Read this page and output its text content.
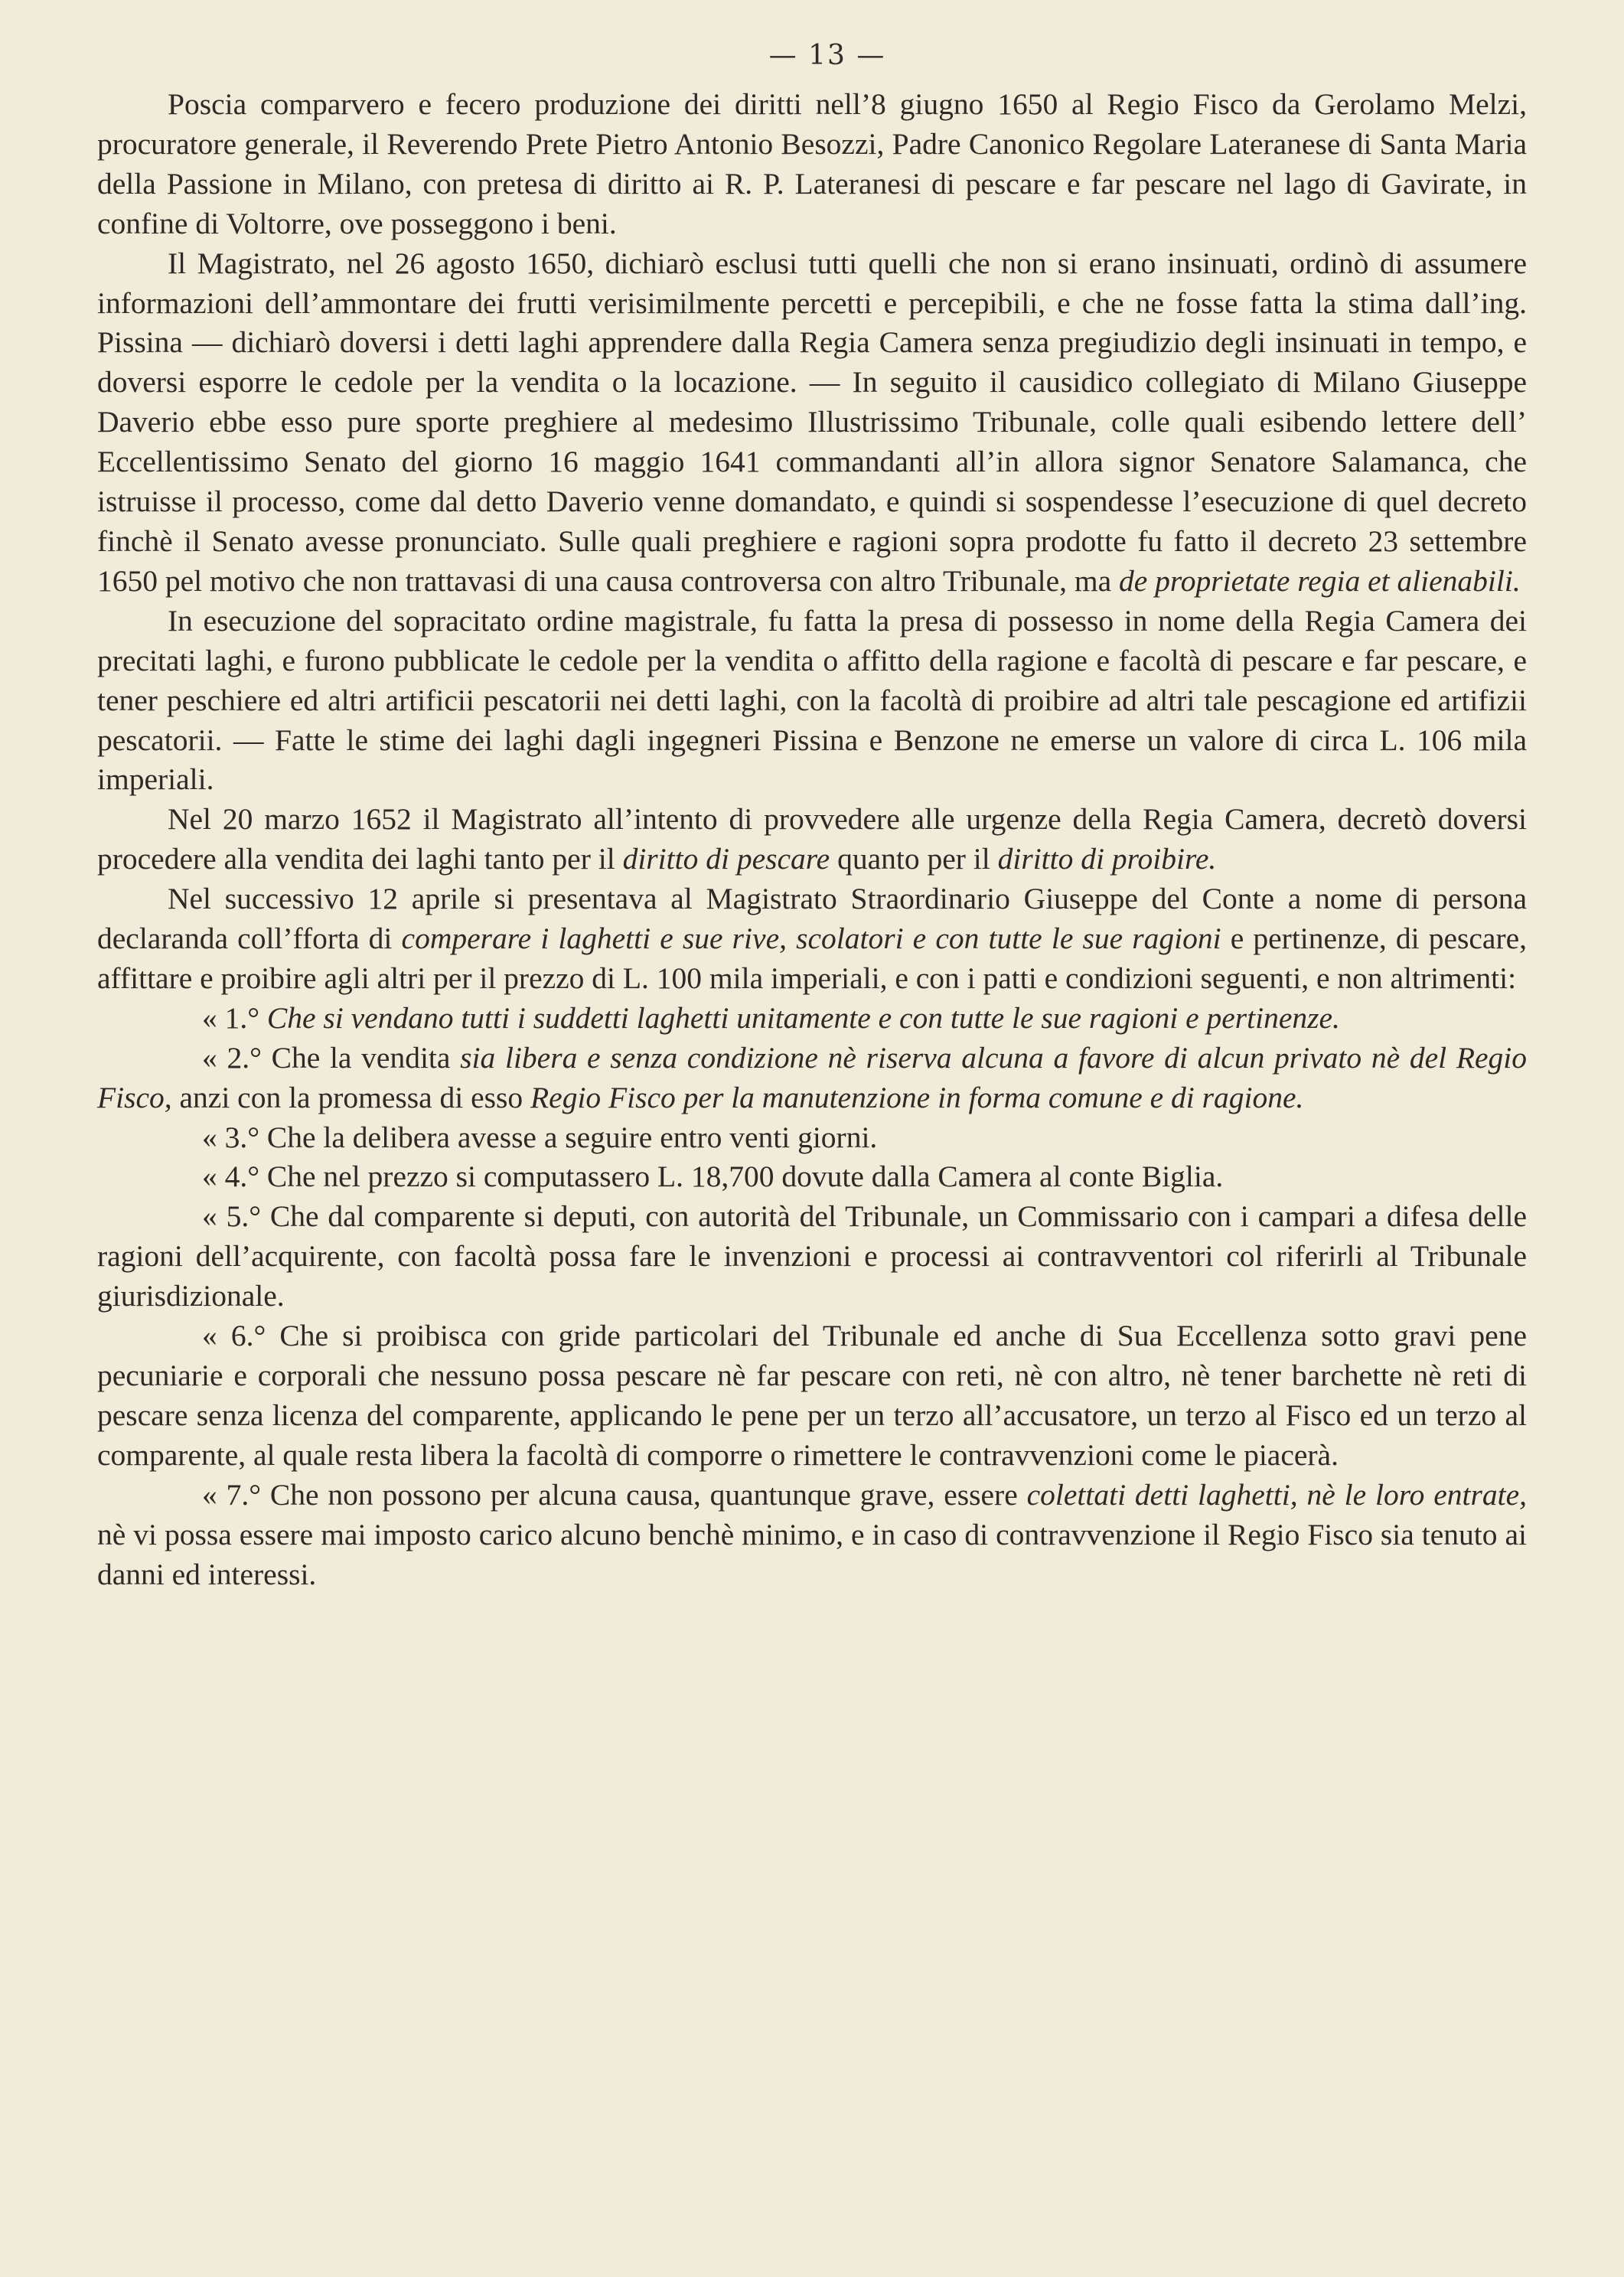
— 13 —

Poscia comparvero e fecero produzione dei diritti nell’8 giugno 1650 al Regio Fisco da Gerolamo Melzi, procuratore generale, il Reverendo Prete Pietro Antonio Besozzi, Padre Canonico Regolare Lateranese di Santa Maria della Passione in Milano, con pretesa di diritto ai R. P. Lateranesi di pescare e far pescare nel lago di Gavirate, in confine di Voltorre, ove posseggono i beni.

Il Magistrato, nel 26 agosto 1650, dichiarò esclusi tutti quelli che non si erano insinuati, ordinò di assumere informazioni dell’ammontare dei frutti verisimilmente percetti e percepibili, e che ne fosse fatta la stima dall’ing. Pissina — dichiarò doversi i detti laghi apprendere dalla Regia Camera senza pregiudizio degli insinuati in tempo, e doversi esporre le cedole per la vendita o la locazione. — In seguito il causidico collegiato di Milano Giuseppe Daverio ebbe esso pure sporte preghiere al medesimo Illustrissimo Tribunale, colle quali esibendo lettere dell’ Eccellentissimo Senato del giorno 16 maggio 1641 commandanti all’in allora signor Senatore Salamanca, che istruisse il processo, come dal detto Daverio venne domandato, e quindi si sospendesse l’esecuzione di quel decreto finchè il Senato avesse pronunciato. Sulle quali preghiere e ragioni sopra prodotte fu fatto il decreto 23 settembre 1650 pel motivo che non trattavasi di una causa controversa con altro Tribunale, ma de proprietate regia et alienabili.

In esecuzione del sopracitato ordine magistrale, fu fatta la presa di possesso in nome della Regia Camera dei precitati laghi, e furono pubblicate le cedole per la vendita o affitto della ragione e facoltà di pescare e far pescare, e tener peschiere ed altri artificii pescatorii nei detti laghi, con la facoltà di proibire ad altri tale pescagione ed artifizii pescatorii. — Fatte le stime dei laghi dagli ingegneri Pissina e Benzone ne emerse un valore di circa L. 106 mila imperiali.

Nel 20 marzo 1652 il Magistrato all’intento di provvedere alle urgenze della Regia Camera, decretò doversi procedere alla vendita dei laghi tanto per il diritto di pescare quanto per il diritto di proibire.

Nel successivo 12 aprile si presentava al Magistrato Straordinario Giuseppe del Conte a nome di persona declaranda coll’fforta di comperare i laghetti e sue rive, scolatori e con tutte le sue ragioni e pertinenze, di pescare, affittare e proibire agli altri per il prezzo di L. 100 mila imperiali, e con i patti e condizioni seguenti, e non altrimenti:

« 1.° Che si vendano tutti i suddetti laghetti unitamente e con tutte le sue ragioni e pertinenze.

« 2.° Che la vendita sia libera e senza condizione nè riserva alcuna a favore di alcun privato nè del Regio Fisco, anzi con la promessa di esso Regio Fisco per la manutenzione in forma comune e di ragione.

« 3.° Che la delibera avesse a seguire entro venti giorni.

« 4.° Che nel prezzo si computassero L. 18,700 dovute dalla Camera al conte Biglia.

« 5.° Che dal comparente si deputi, con autorità del Tribunale, un Commissario con i campari a difesa delle ragioni dell’acquirente, con facoltà possa fare le invenzioni e processi ai contravventori col riferirli al Tribunale giurisdizionale.

« 6.° Che si proibisca con gride particolari del Tribunale ed anche di Sua Eccellenza sotto gravi pene pecuniarie e corporali che nessuno possa pescare nè far pescare con reti, nè con altro, nè tener barchette nè reti di pescare senza licenza del comparente, applicando le pene per un terzo all’accusatore, un terzo al Fisco ed un terzo al comparente, al quale resta libera la facoltà di comporre o rimettere le contravvenzioni come le piacerà.

« 7.° Che non possono per alcuna causa, quantunque grave, essere colettati detti laghetti, nè le loro entrate, nè vi possa essere mai imposto carico alcuno benchè minimo, e in caso di contravvenzione il Regio Fisco sia tenuto ai danni ed interessi.
